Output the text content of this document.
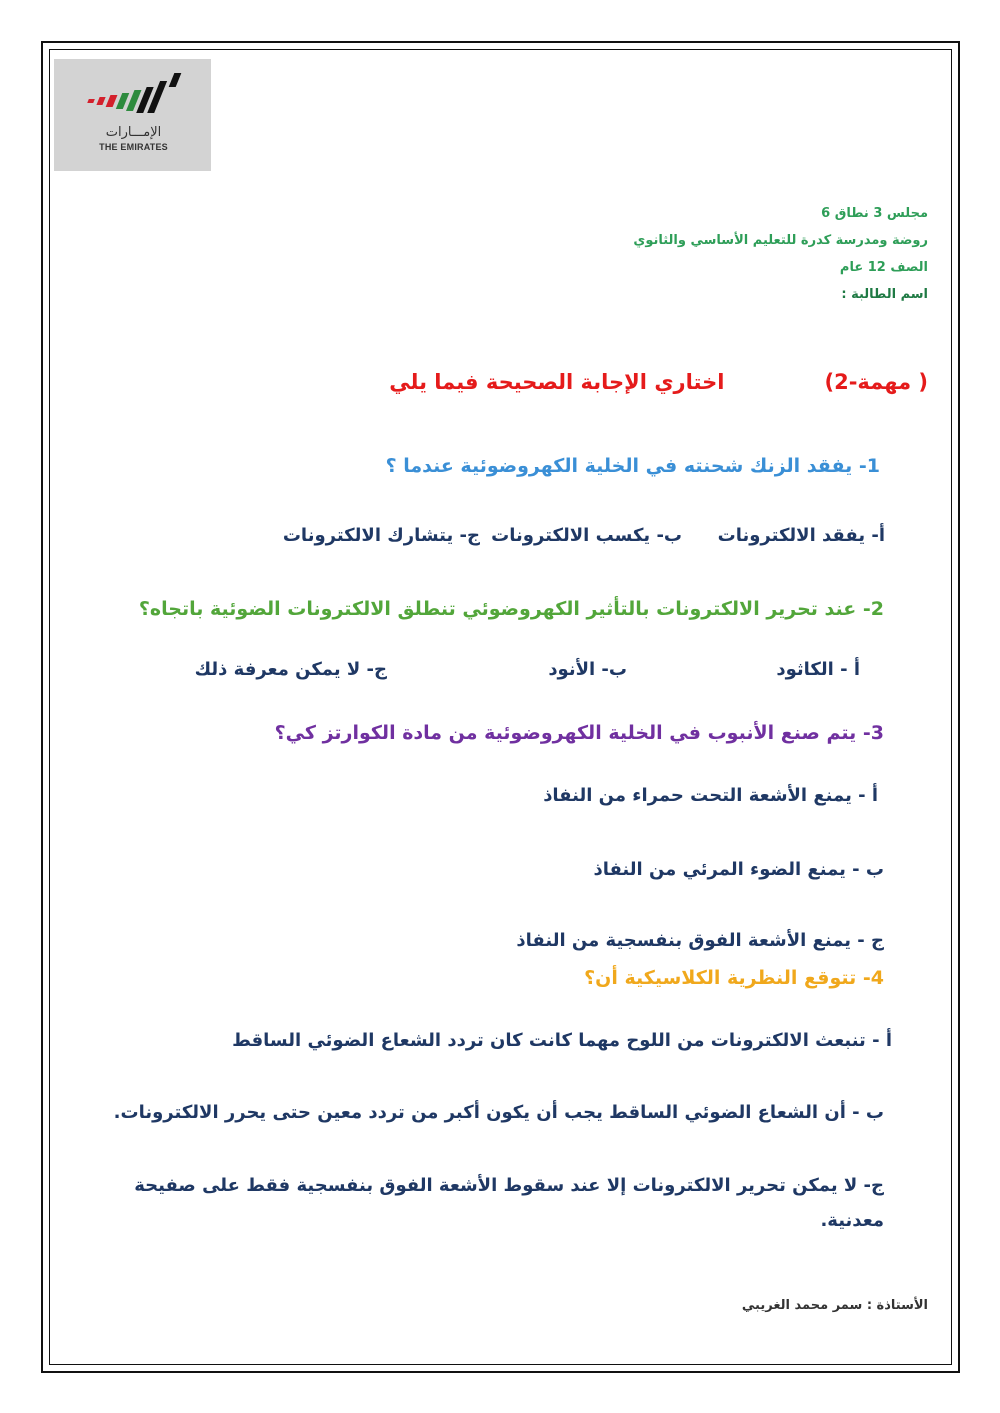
الإمـــارات
THE EMIRATES
مجلس 3 نطاق 6
روضة ومدرسة كدرة للتعليم الأساسي والثانوي
الصف 12 عام
اسم الطالبة :
( مهمة-2)اختاري الإجابة الصحيحة فيما يلي
1- يفقد الزنك شحنته في الخلية الكهروضوئية عندما ؟
أ- يفقد الالكترونات
ب- يكسب الالكترونات
ج- يتشارك الالكترونات
2- عند تحرير الالكترونات بالتأثير الكهروضوئي تنطلق الالكترونات الضوئية باتجاه؟
أ - الكاثود
ب- الأنود
ج- لا يمكن معرفة ذلك
3- يتم صنع الأنبوب في الخلية الكهروضوئية من مادة الكوارتز كي؟
أ - يمنع الأشعة التحت حمراء من النفاذ
ب - يمنع الضوء المرئي من النفاذ
ج - يمنع الأشعة الفوق بنفسجية من النفاذ
4- تتوقع النظرية الكلاسيكية أن؟
أ - تنبعث الالكترونات من اللوح مهما كانت كان تردد الشعاع الضوئي الساقط
ب - أن الشعاع الضوئي الساقط يجب أن يكون أكبر من تردد معين حتى يحرر الالكترونات.
ج- لا يمكن تحرير الالكترونات إلا عند سقوط الأشعة الفوق بنفسجية فقط على صفيحة
معدنية.
الأستاذة : سمر محمد الغريبي
